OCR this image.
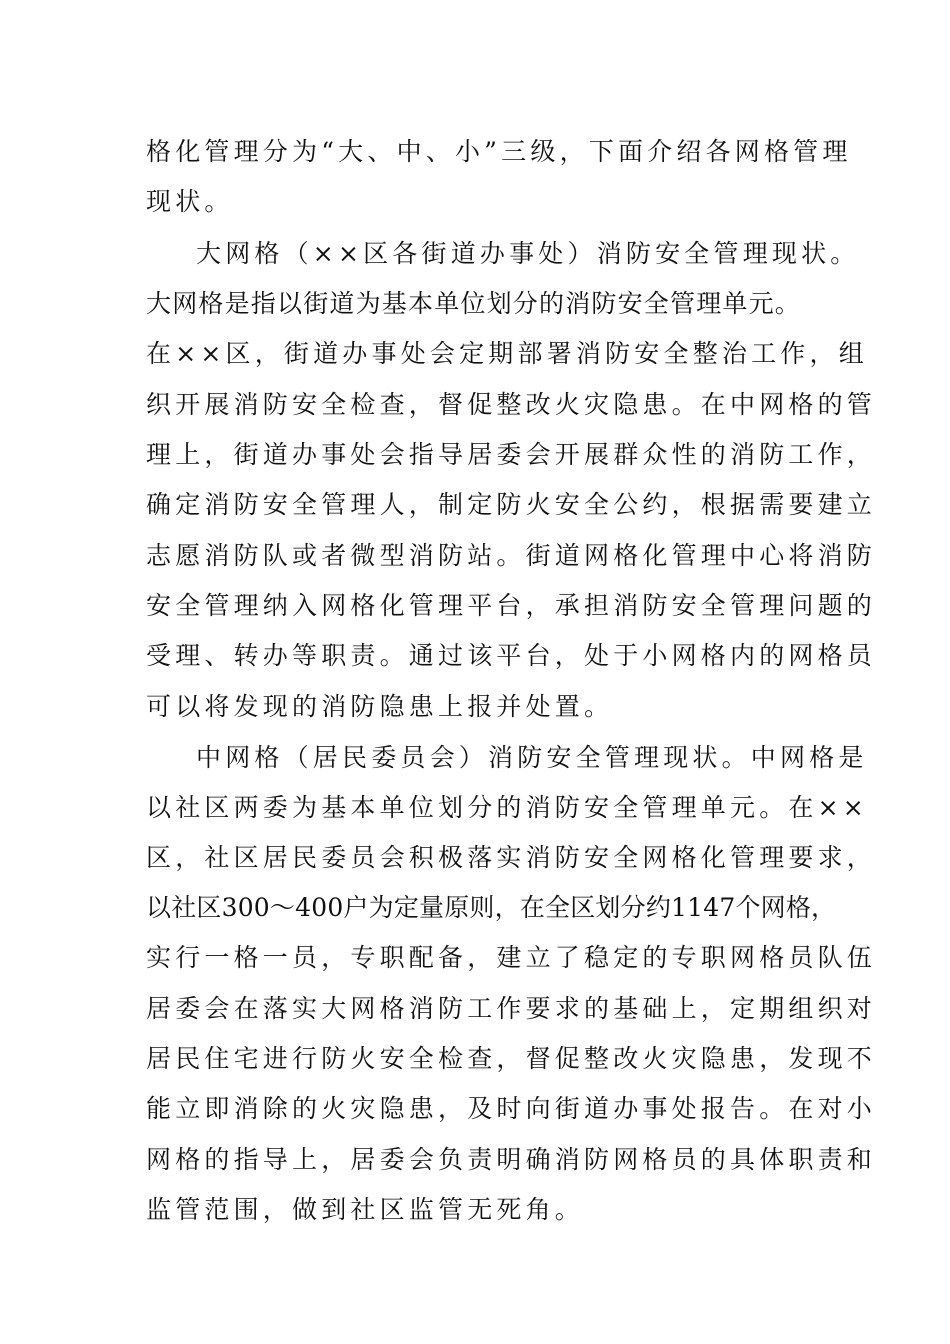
格化管理分为“大、中、小”三级，下面介绍各网格管理
现状。
大网格（××区各街道办事处）消防安全管理现状。
大网格是指以街道为基本单位划分的消防安全管理单元。
在××区，街道办事处会定期部署消防安全整治工作，组
织开展消防安全检查，督促整改火灾隐患。在中网格的管
理上，街道办事处会指导居委会开展群众性的消防工作，
确定消防安全管理人，制定防火安全公约，根据需要建立
志愿消防队或者微型消防站。街道网格化管理中心将消防
安全管理纳入网格化管理平台，承担消防安全管理问题的
受理、转办等职责。通过该平台，处于小网格内的网格员
可以将发现的消防隐患上报并处置。
中网格（居民委员会）消防安全管理现状。中网格是
以社区两委为基本单位划分的消防安全管理单元。在××
区，社区居民委员会积极落实消防安全网格化管理要求，
以社区300～400户为定量原则，在全区划分约1147个网格，
实行一格一员，专职配备，建立了稳定的专职网格员队伍
居委会在落实大网格消防工作要求的基础上，定期组织对
居民住宅进行防火安全检查，督促整改火灾隐患，发现不
能立即消除的火灾隐患，及时向街道办事处报告。在对小
网格的指导上，居委会负责明确消防网格员的具体职责和
监管范围，做到社区监管无死角。
